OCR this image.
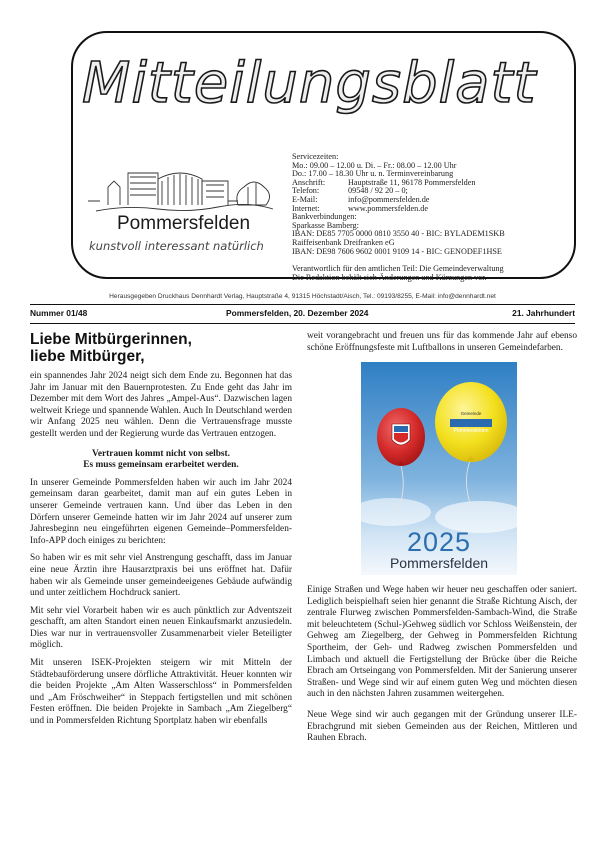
Mitteilungsblatt
Pommersfelden
kunstvoll interessant natürlich
Servicezeiten:
Mo.: 09.00 – 12.00 u. Di. – Fr.: 08.00 – 12.00 Uhr
Do.: 17.00 – 18.30 Uhr u. n. Terminvereinbarung
Anschrift:	Hauptstraße 11, 96178 Pommersfelden
Telefon:	09548 / 92 20 – 0;
E-Mail:	info@pommersfelden.de
Internet:	www.pommersfelden.de
Bankverbindungen:
Sparkasse Bamberg:
IBAN: DE85 7705 0000 0810 3550 40 - BIC: BYLADEM1SKB
Raiffeisenbank Dreifranken eG
IBAN: DE98 7606 9602 0001 9109 14 - BIC: GENODEF1HSE
Verantwortlich für den amtlichen Teil: Die Gemeindeverwaltung
Die Redaktion behält sich Änderungen und Kürzungen vor.
Herausgegeben Druckhaus Dennhardt Verlag, Hauptstraße 4, 91315 Höchstadt/Aisch, Tel.: 09193/8255, E-Mail: info@dennhardt.net
Nummer 01/48	Pommersfelden, 20. Dezember 2024	21. Jahrhundert
Liebe Mitbürgerinnen,
liebe Mitbürger,

ein spannendes Jahr 2024 neigt sich dem Ende zu. Begonnen hat das Jahr im Januar mit den Bauernprotesten. Zu Ende geht das Jahr im Dezember mit dem Wort des Jahres „Ampel-Aus“. Dazwischen lagen weltweit Kriege und spannende Wahlen. Auch In Deutschland werden wir Anfang 2025 neu wählen. Denn die Vertrauensfrage musste gestellt werden und der Regierung wurde das Vertrauen entzogen.

Vertrauen kommt nicht von selbst.
Es muss gemeinsam erarbeitet werden.

In unserer Gemeinde Pommersfelden haben wir auch im Jahr 2024 gemeinsam daran gearbeitet, damit man auf ein gutes Leben in unserer Gemeinde vertrauen kann. Und über das Leben in den Dörfern unserer Gemeinde hatten wir im Jahr 2024 auf unserer zum Jahresbeginn neu eingeführten eigenen Gemeinde–Pommersfelden-Info-APP doch einiges zu berichten:

So haben wir es mit sehr viel Anstrengung geschafft, dass im Januar eine neue Ärztin ihre Hausarztpraxis bei uns eröffnet hat. Dafür haben wir als Gemeinde unser gemeindeeigenes Gebäude aufwändig und unter zeitlichem Hochdruck saniert.

Mit sehr viel Vorarbeit haben wir es auch pünktlich zur Adventszeit geschafft, am alten Standort einen neuen Einkaufsmarkt anzusiedeln. Dies war nur in vertrauensvoller Zusammenarbeit vieler Beteiligter möglich.

Mit unseren ISEK-Projekten steigern wir mit Mitteln der Städtebauförderung unsere dörfliche Attraktivität. Heuer konnten wir die beiden Projekte „Am Alten Wasserschloss“ in Pommersfelden und „Am Fröschweiher“ in Steppach fertigstellen und mit schönen Festen eröffnen. Die beiden Projekte in Sambach „Am Ziegelberg“ und in Pommersfelden Richtung Sportplatz haben wir ebenfalls

weit vorangebracht und freuen uns für das kommende Jahr auf ebenso schöne Eröffnungsfeste mit Luftballons in unseren Gemeindefarben.

Gemeinde
Pommersfelden
2025
Pommersfelden

Einige Straßen und Wege haben wir heuer neu geschaffen oder saniert. Lediglich beispielhaft seien hier genannt die Straße Richtung Aisch, der zentrale Flurweg zwischen Pommersfelden-Sambach-Wind, die Straße mit beleuchtetem (Schul-)Gehweg südlich vor Schloss Weißenstein, der Gehweg am Ziegelberg, der Gehweg in Pommersfelden Richtung Sportheim, der Geh- und Radweg zwischen Pommersfelden und Limbach und aktuell die Fertigstellung der Brücke über die Reiche Ebrach am Ortseingang von Pommersfelden. Mit der Sanierung unserer Straßen- und Wege sind wir auf einem guten Weg und möchten diesen auch in den nächsten Jahren zusammen weitergehen.

Neue Wege sind wir auch gegangen mit der Gründung unserer ILE-Ebrachgrund mit sieben Gemeinden aus der Reichen, Mittleren und Rauhen Ebrach.
